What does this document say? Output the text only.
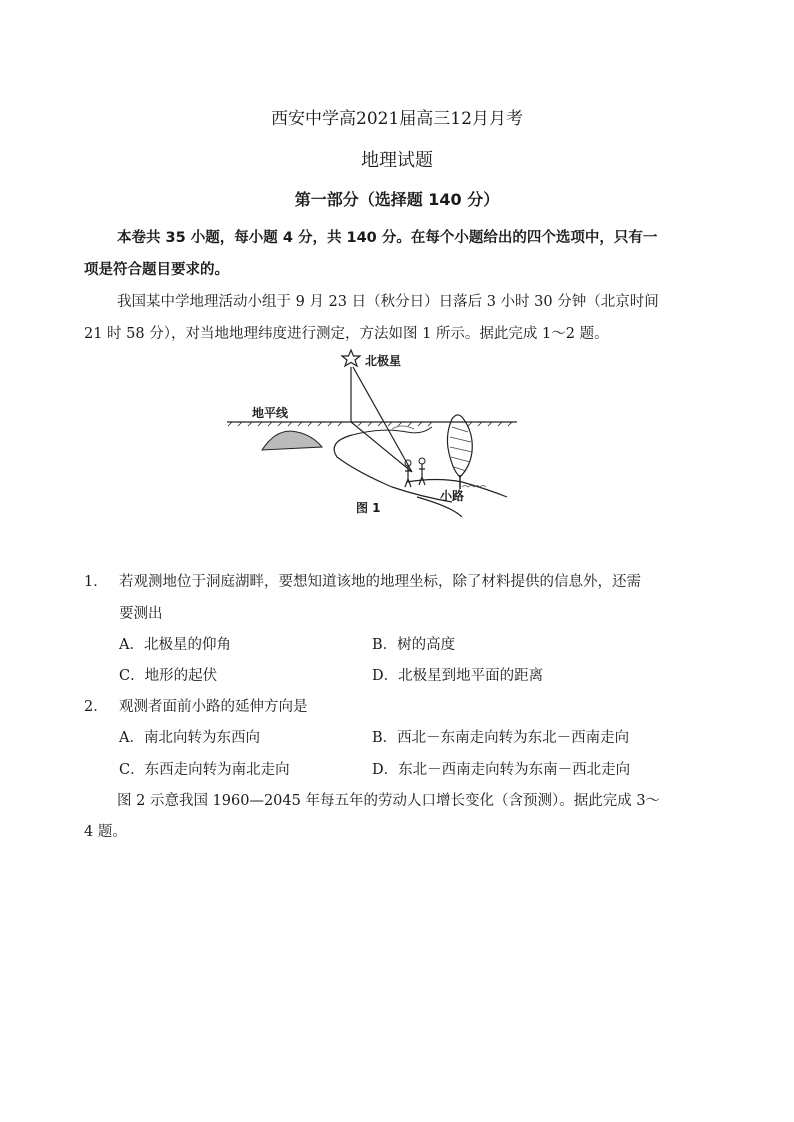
西安中学高2021届高三12月月考

地理试题

第一部分（选择题 140 分）

本卷共 35 小题，每小题 4 分，共 140 分。在每个小题给出的四个选项中，只有一

项是符合题目要求的。

我国某中学地理活动小组于 9 月 23 日（秋分日）日落后 3 小时 30 分钟（北京时间

21 时 58 分），对当地地理纬度进行测定，方法如图 1 所示。据此完成 1～2 题。

北极星
地平线
小路
图 1
1． 若观测地位于洞庭湖畔，要想知道该地的地理坐标，除了材料提供的信息外，还需
要测出
A．北极星的仰角	B．树的高度
C．地形的起伏	D．北极星到地平面的距离
2． 观测者面前小路的延伸方向是
A．南北向转为东西向	B．西北－东南走向转为东北－西南走向
C．东西走向转为南北走向	D．东北－西南走向转为东南－西北走向
图 2 示意我国 1960—2045 年每五年的劳动人口增长变化（含预测）。据此完成 3～
4 题。
